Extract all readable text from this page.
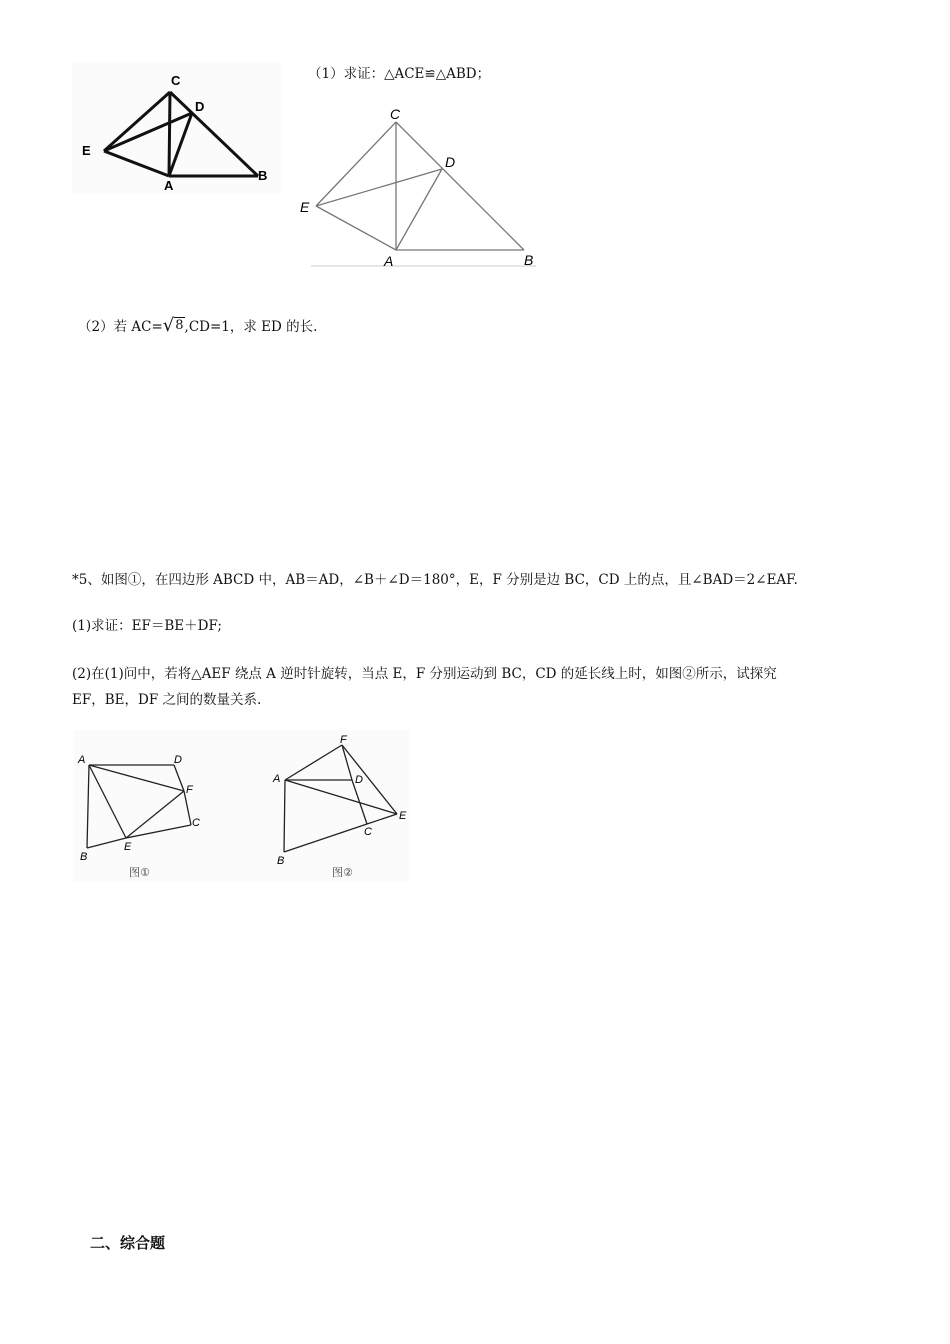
C
D
E
A
B
（1）求证：△ACE≌△ABD；
C
D
E
A	B
（2）若 AC=√8,CD=1，求 ED 的长.
*5、如图①，在四边形 ABCD 中，AB＝AD，∠B＋∠D＝180°，E，F 分别是边 BC，CD 上的点，且∠BAD＝2∠EAF.
(1)求证：EF＝BE＋DF;
(2)在(1)问中，若将△AEF 绕点 A 逆时针旋转，当点 E，F 分别运动到 BC，CD 的延长线上时，如图②所示，试探究
EF，BE，DF 之间的数量关系.
A	D
F
C
B
E
图①
F
A	D
E
C
B
图②
二、综合题
